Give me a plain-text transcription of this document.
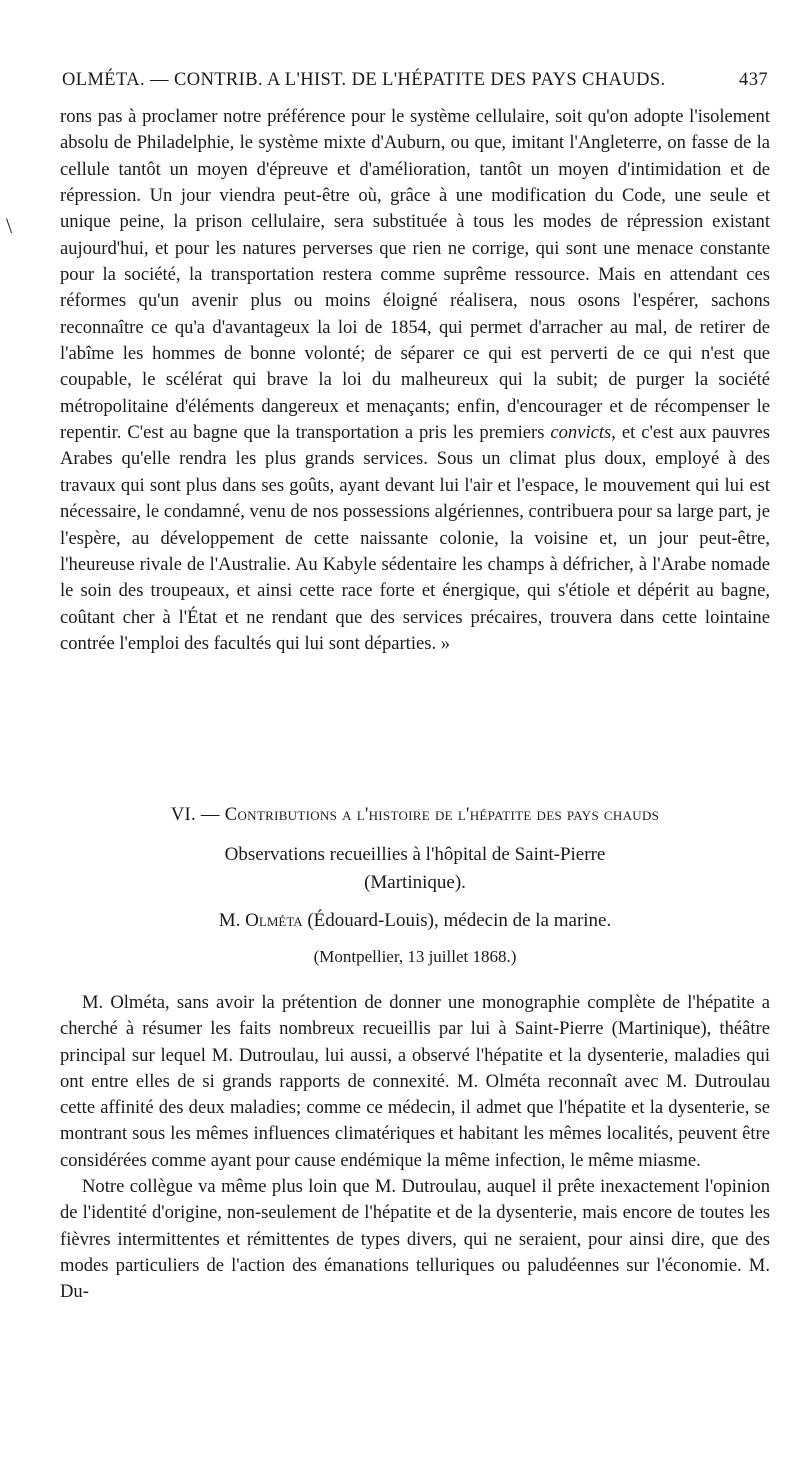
OLMÉTA. — CONTRIB. A L'HIST. DE L'HÉPATITE DES PAYS CHAUDS.	437
\

rons pas à proclamer notre préférence pour le système cellulaire, soit qu'on adopte l'isolement absolu de Philadelphie, le système mixte d'Auburn, ou que, imitant l'Angleterre, on fasse de la cellule tantôt un moyen d'épreuve et d'amélioration, tantôt un moyen d'intimidation et de répression. Un jour viendra peut-être où, grâce à une modification du Code, une seule et unique peine, la prison cellulaire, sera substituée à tous les modes de répression existant aujourd'hui, et pour les natures perverses que rien ne corrige, qui sont une menace constante pour la société, la transportation restera comme suprême ressource. Mais en attendant ces réformes qu'un avenir plus ou moins éloigné réalisera, nous osons l'espérer, sachons reconnaître ce qu'a d'avantageux la loi de 1854, qui permet d'arracher au mal, de retirer de l'abîme les hommes de bonne volonté; de séparer ce qui est perverti de ce qui n'est que coupable, le scélérat qui brave la loi du malheureux qui la subit; de purger la société métropolitaine d'éléments dangereux et menaçants; enfin, d'encourager et de récompenser le repentir. C'est au bagne que la transportation a pris les premiers convicts, et c'est aux pauvres Arabes qu'elle rendra les plus grands services. Sous un climat plus doux, employé à des travaux qui sont plus dans ses goûts, ayant devant lui l'air et l'espace, le mouvement qui lui est nécessaire, le condamné, venu de nos possessions algériennes, contribuera pour sa large part, je l'espère, au développement de cette naissante colonie, la voisine et, un jour peut-être, l'heureuse rivale de l'Australie. Au Kabyle sédentaire les champs à défricher, à l'Arabe nomade le soin des troupeaux, et ainsi cette race forte et énergique, qui s'étiole et dépérit au bagne, coûtant cher à l'État et ne rendant que des services précaires, trouvera dans cette lointaine contrée l'emploi des facultés qui lui sont départies. »

VI. — Contributions a l'histoire de l'hépatite des pays chauds
Observations recueillies à l'hôpital de Saint-Pierre
(Martinique).
M. Olméta (Édouard-Louis), médecin de la marine.
(Montpellier, 13 juillet 1868.)

M. Olméta, sans avoir la prétention de donner une monographie complète de l'hépatite a cherché à résumer les faits nombreux recueillis par lui à Saint-Pierre (Martinique), théâtre principal sur lequel M. Dutroulau, lui aussi, a observé l'hépatite et la dysenterie, maladies qui ont entre elles de si grands rapports de connexité. M. Olméta reconnaît avec M. Dutroulau cette affinité des deux maladies; comme ce médecin, il admet que l'hépatite et la dysenterie, se montrant sous les mêmes influences climatériques et habitant les mêmes localités, peuvent être considérées comme ayant pour cause endémique la même infection, le même miasme.

Notre collègue va même plus loin que M. Dutroulau, auquel il prête inexactement l'opinion de l'identité d'origine, non-seulement de l'hépatite et de la dysenterie, mais encore de toutes les fièvres intermittentes et rémittentes de types divers, qui ne seraient, pour ainsi dire, que des modes particuliers de l'action des émanations telluriques ou paludéennes sur l'économie. M. Du-
